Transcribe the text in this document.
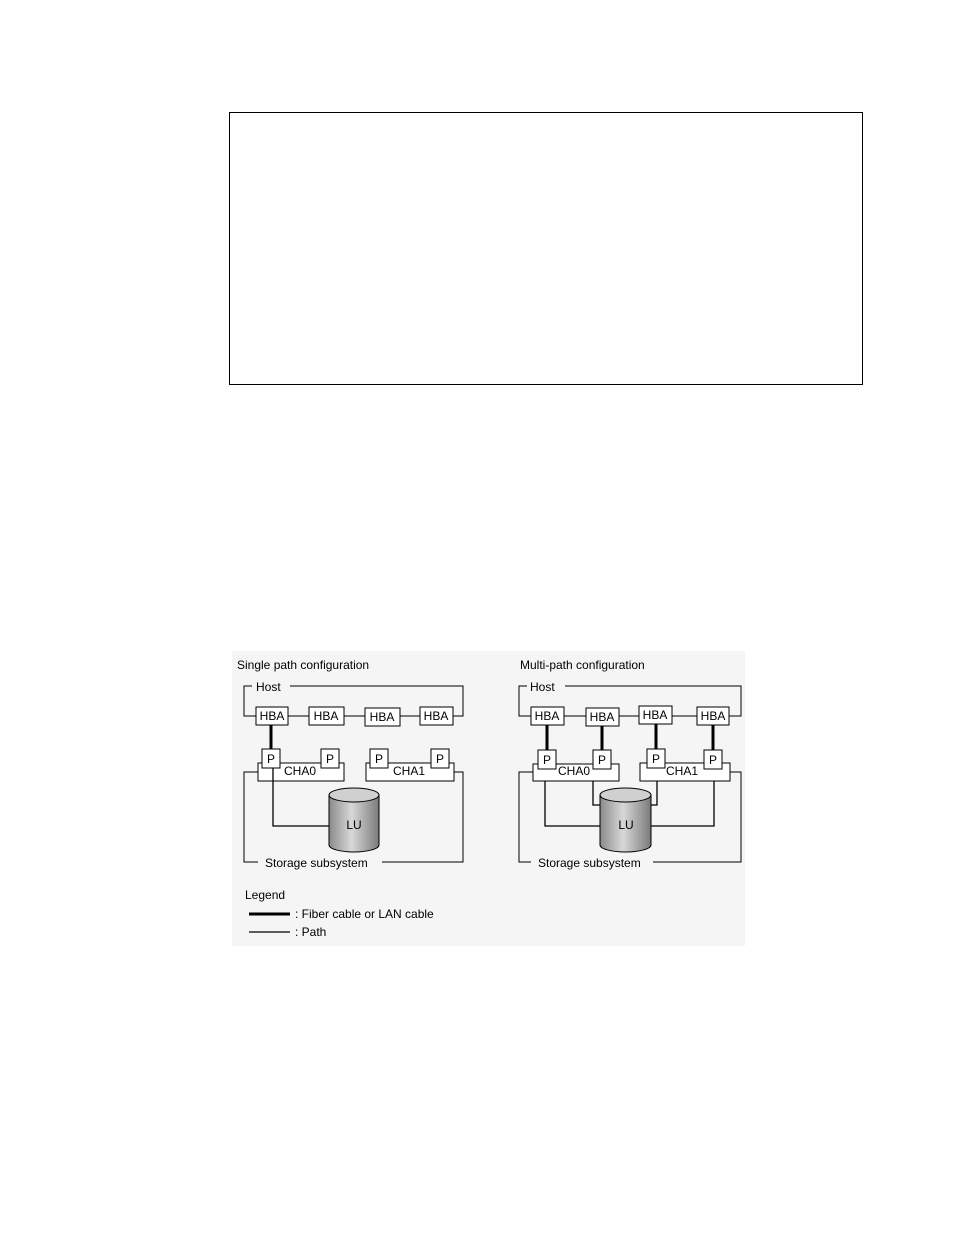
Single path configuration
Host
HBA HBA	HBA HBA
Storage subsystem
CHA0	CHA1
P	P	P	P
LU
Multi-path configuration
Host
HBA	HBA HBA	HBA
Storage subsystem
CHA0	CHA1
P	P	P	P
LU
Legend
: Fiber cable or LAN cable
: Path
